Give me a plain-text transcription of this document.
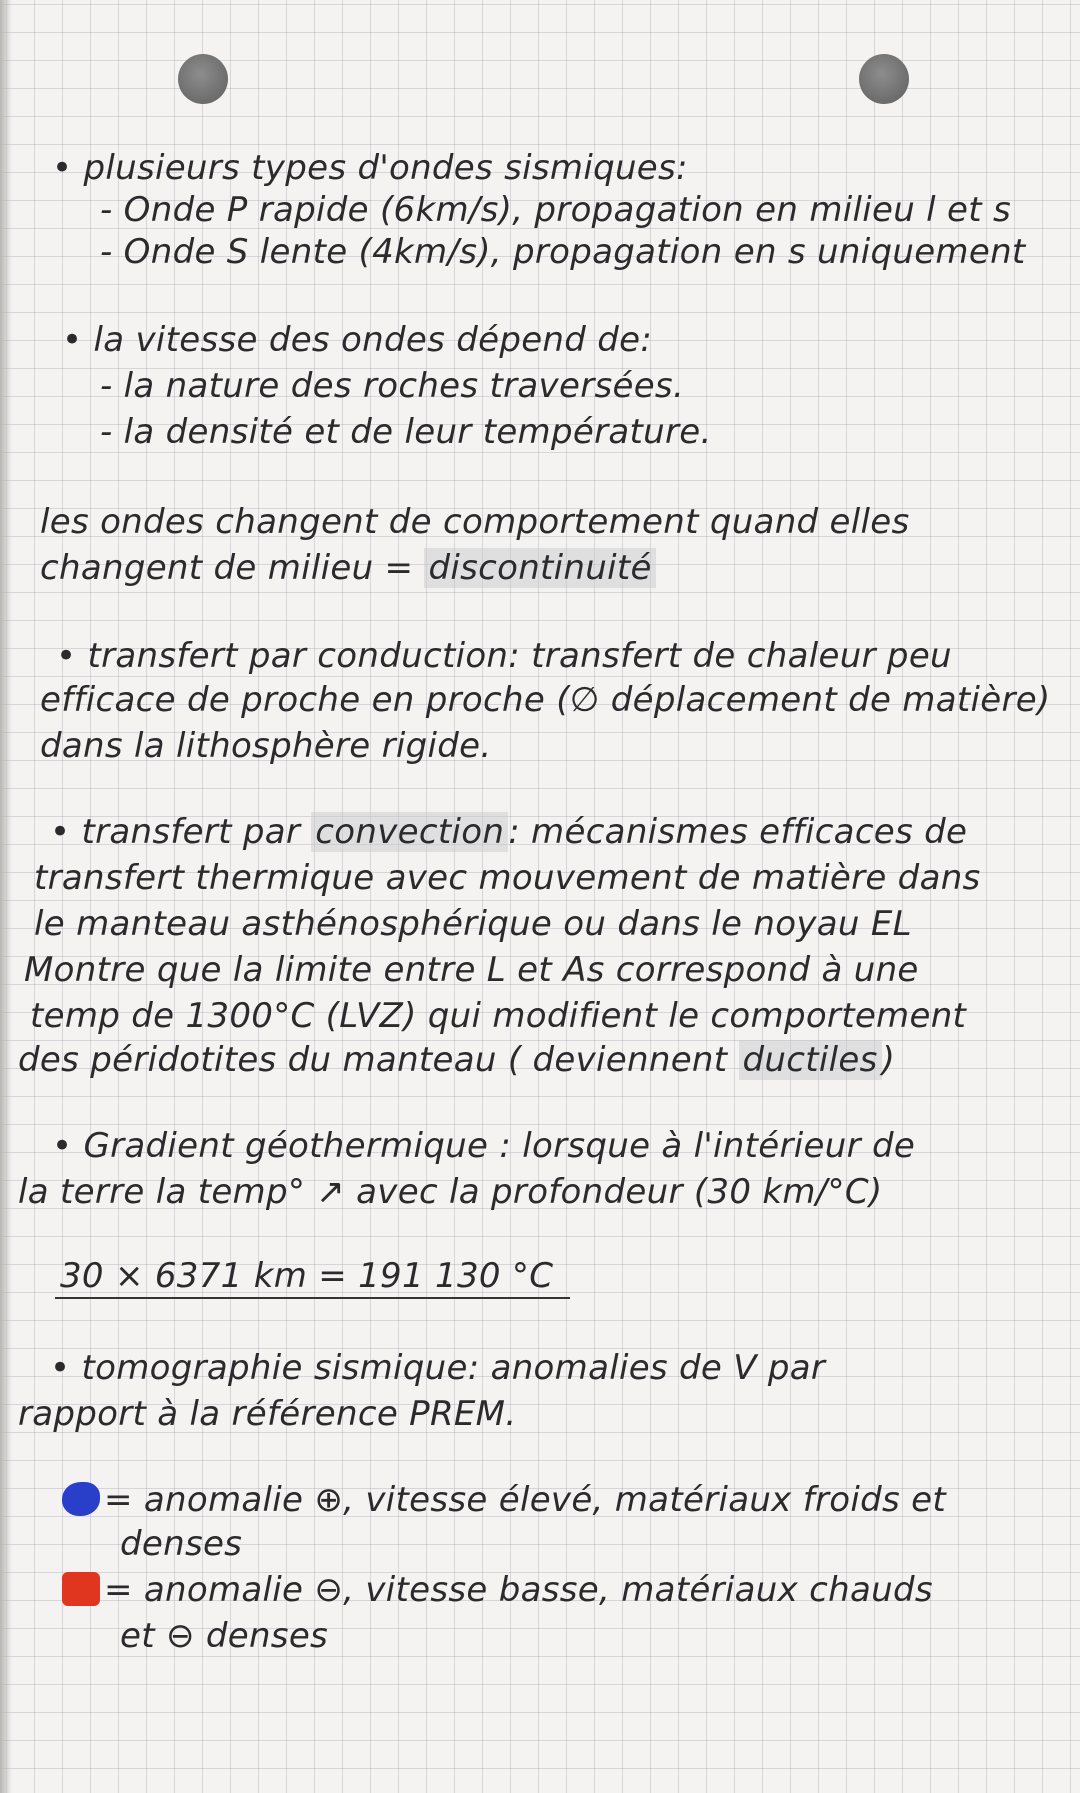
• plusieurs types d'ondes sismiques:
- Onde P rapide (6km/s), propagation en milieu l et s
- Onde S lente (4km/s), propagation en s uniquement
• la vitesse des ondes dépend de:
- la nature des roches traversées.
- la densité et de leur température.
les ondes changent de comportement quand elles
changent de milieu = discontinuité
• transfert par conduction: transfert de chaleur peu
efficace de proche en proche (∅ déplacement de matière)
dans la lithosphère rigide.
• transfert par convection : mécanismes efficaces de
transfert thermique avec mouvement de matière dans
le manteau asthénosphérique ou dans le noyau EL
Montre que la limite entre L et As correspond à une
temp de 1300°C (LVZ) qui modifient le comportement
des péridotites du manteau ( deviennent ductiles )
• Gradient géothermique : lorsque à l'intérieur de
la terre la temp° ↗ avec la profondeur (30 km/°C)
30 × 6371 km = 191 130 °C
• tomographie sismique: anomalies de V par
rapport à la référence PREM.
= anomalie ⊕, vitesse élevé, matériaux froids et
denses
= anomalie ⊖, vitesse basse, matériaux chauds
et ⊖ denses
